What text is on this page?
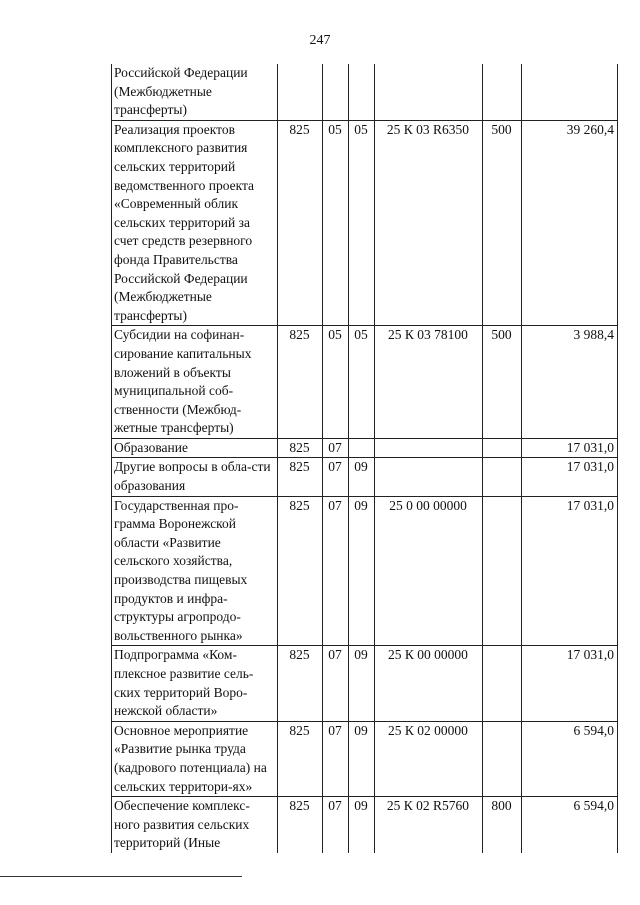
247
Российской Федерации (Межбюджетные трансферты)						
Реализация проектов комплексного развития сельских территорий ведомственного проекта «Современный облик сельских территорий за счет средств резервного фонда Правительства Российской Федерации (Межбюджетные трансферты)	825	05	05	25 К 03 R6350	500	39 260,4
Субсидии на софинан-сирование капитальных вложений в объекты муниципальной соб-ственности (Межбюд-жетные трансферты)	825	05	05	25 К 03 78100	500	3 988,4
Образование	825	07				17 031,0
Другие вопросы в обла-сти образования	825	07	09			17 031,0
Государственная про-грамма Воронежской области «Развитие сельского хозяйства, производства пищевых продуктов и инфра-структуры агропродо-вольственного рынка»	825	07	09	25 0 00 00000		17 031,0
Подпрограмма «Ком-плексное развитие сель-ских территорий Воро-нежской области»	825	07	09	25 К 00 00000		17 031,0
Основное мероприятие «Развитие рынка труда (кадрового потенциала) на сельских территори-ях»	825	07	09	25 К 02 00000		6 594,0
Обеспечение комплекс-ного развития сельских территорий (Иные	825	07	09	25 К 02 R5760	800	6 594,0
